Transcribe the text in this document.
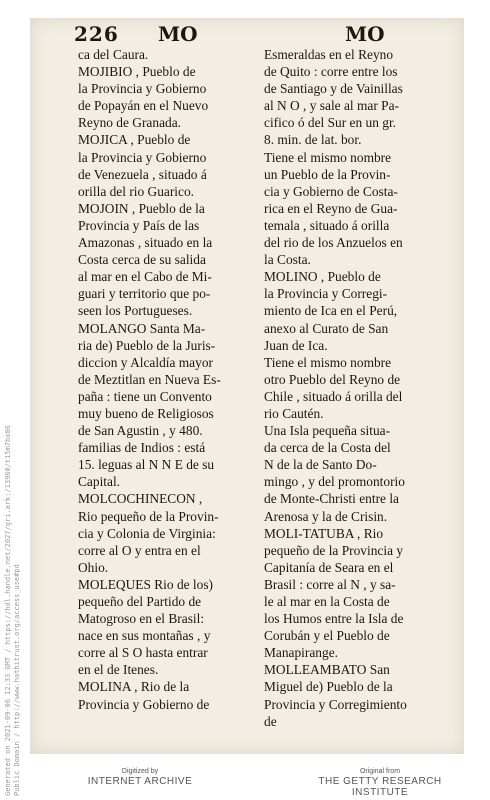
226 MO	MO
ca del Caura.
MOJIBIO , Pueblo de
la Provincia y Gobierno
de Popayán en el Nuevo
Reyno de Granada.
MOJICA , Pueblo de
la Provincia y Gobierno
de Venezuela , situado á
orilla del rio Guarico.
MOJOIN , Pueblo de la
Provincia y País de las
Amazonas , situado en la
Costa cerca de su salida
al mar en el Cabo de Mi-
guari y territorio que po-
seen los Portugueses.
MOLANGO Santa Ma-
ria de) Pueblo de la Juris-
diccion y Alcaldía mayor
de Meztitlan en Nueva Es-
paña : tiene un Convento
muy bueno de Religiosos
de San Agustin , y 480.
familias de Indios : está
15. leguas al N N E de su
Capital.
MOLCOCHINECON ,
Rio pequeño de la Provin-
cia y Colonia de Virginia:
corre al O y entra en el
Ohio.
MOLEQUES Rio de los)
pequeño del Partido de
Matogroso en el Brasil:
nace en sus montañas , y
corre al S O hasta entrar
en el de Itenes.
MOLINA , Rio de la
Provincia y Gobierno de
Esmeraldas en el Reyno
de Quito : corre entre los
de Santiago y de Vainillas
al N O , y sale al mar Pa-
cifico ó del Sur en un gr.
8. min. de lat. bor.
Tiene el mismo nombre
un Pueblo de la Provin-
cia y Gobierno de Costa-
rica en el Reyno de Gua-
temala , situado á orilla
del rio de los Anzuelos en
la Costa.
MOLINO , Pueblo de
la Provincia y Corregi-
miento de Ica en el Perú,
anexo al Curato de San
Juan de Ica.
Tiene el mismo nombre
otro Pueblo del Reyno de
Chile , situado á orilla del
rio Cautén.
Una Isla pequeña situa-
da cerca de la Costa del
N de la de Santo Do-
mingo , y del promontorio
de Monte-Christi entre la
Arenosa y la de Crisin.
MOLI-TATUBA , Rio
pequeño de la Provincia y
Capitanía de Seara en el
Brasil : corre al N , y sa-
le al mar en la Costa de
los Humos entre la Isla de
Corubán y el Pueblo de
Manapirange.
MOLLEAMBATO San
Miguel de) Pueblo de la
Provincia y Corregimiento
de
Generated on 2021-09-06 12:33 GMT / https://hdl.handle.net/2027/gri.ark:/13960/t15m7bx06
Public Domain / http://www.hathitrust.org/access_use#pd	Digitized by
INTERNET ARCHIVE
Original from
THE GETTY RESEARCH INSTITUTE
